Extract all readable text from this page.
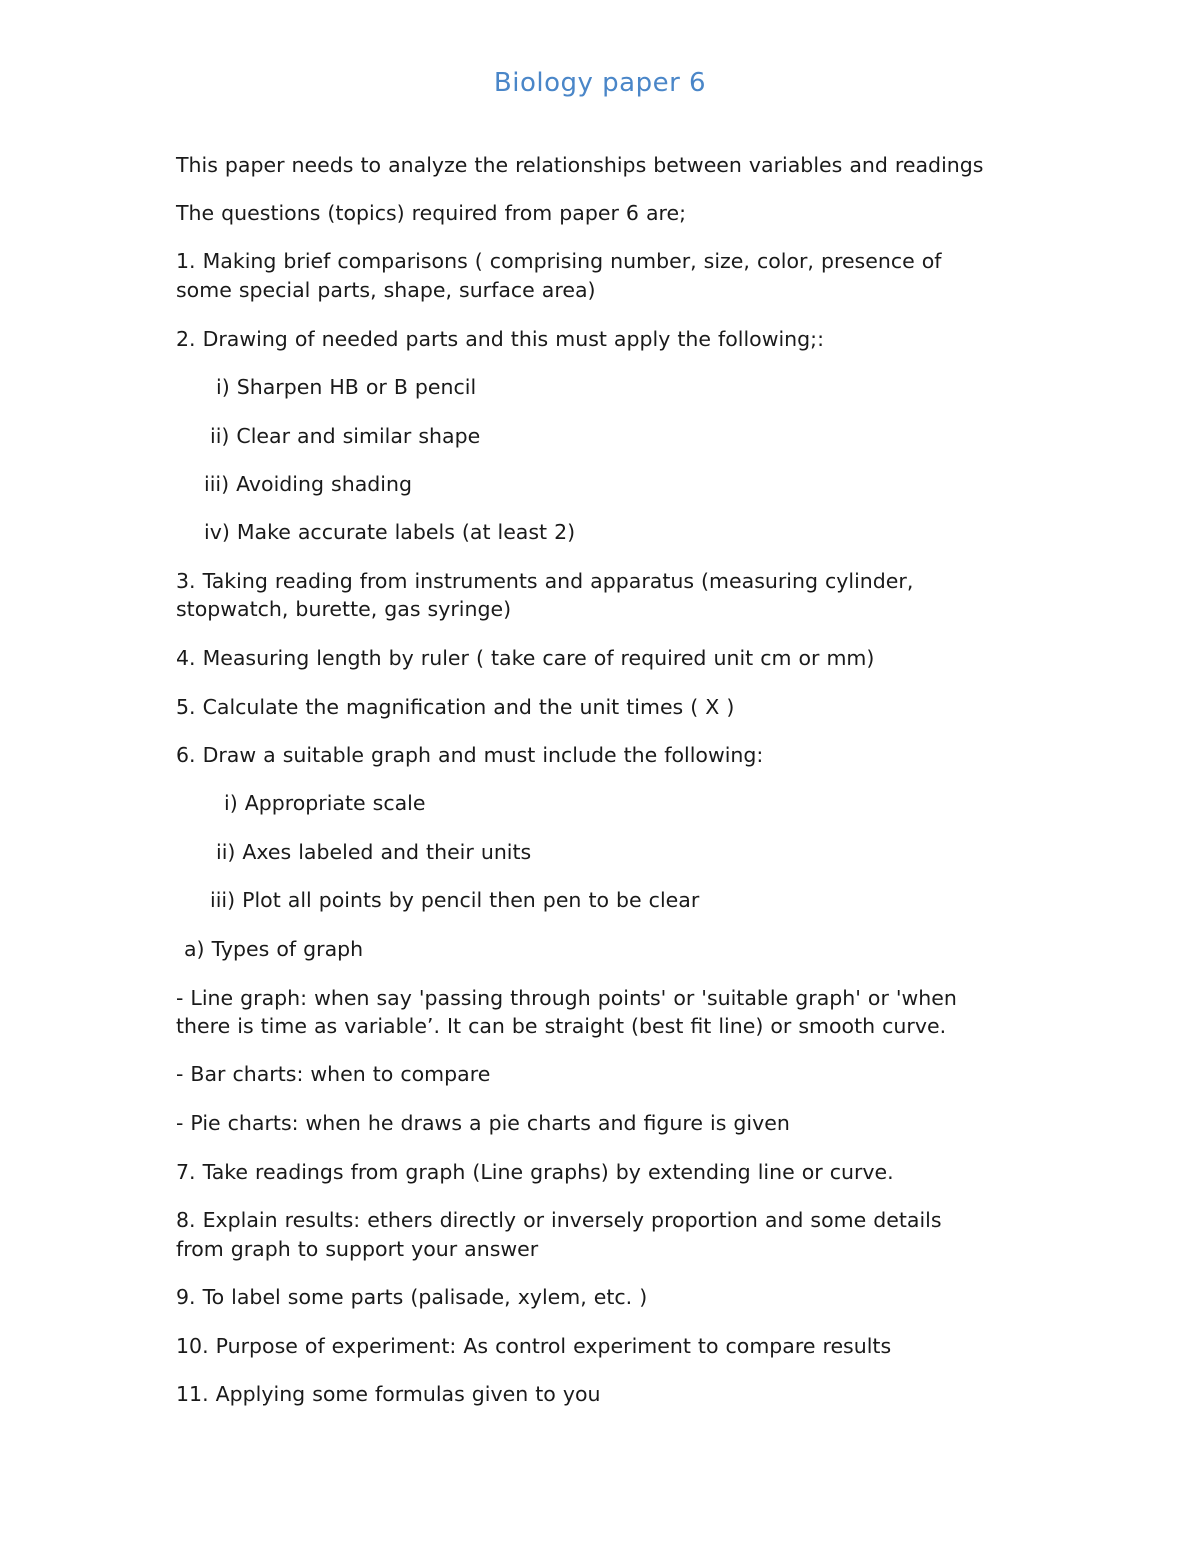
Biology paper 6
This paper needs to analyze the relationships between variables and readings
The questions (topics) required from paper 6 are;
1. Making brief comparisons ( comprising number, size, color, presence of
some special parts, shape, surface area)
2. Drawing of needed parts and this must apply the following;:
i) Sharpen HB or B pencil
ii) Clear and similar shape
iii) Avoiding shading
iv) Make accurate labels (at least 2)
3. Taking reading from instruments and apparatus (measuring cylinder,
stopwatch, burette, gas syringe)
4. Measuring length by ruler ( take care of required unit cm or mm)
5. Calculate the magnification and the unit times ( X )
6. Draw a suitable graph and must include the following:
i) Appropriate scale
ii) Axes labeled and their units
iii) Plot all points by pencil then pen to be clear
a) Types of graph
- Line graph: when say 'passing through points' or 'suitable graph' or 'when
there is time as variable’. It can be straight (best fit line) or smooth curve.
- Bar charts: when to compare
- Pie charts: when he draws a pie charts and figure is given
7. Take readings from graph (Line graphs) by extending line or curve.
8. Explain results: ethers directly or inversely proportion and some details
from graph to support your answer
9. To label some parts (palisade, xylem, etc. )
10. Purpose of experiment: As control experiment to compare results
11. Applying some formulas given to you
